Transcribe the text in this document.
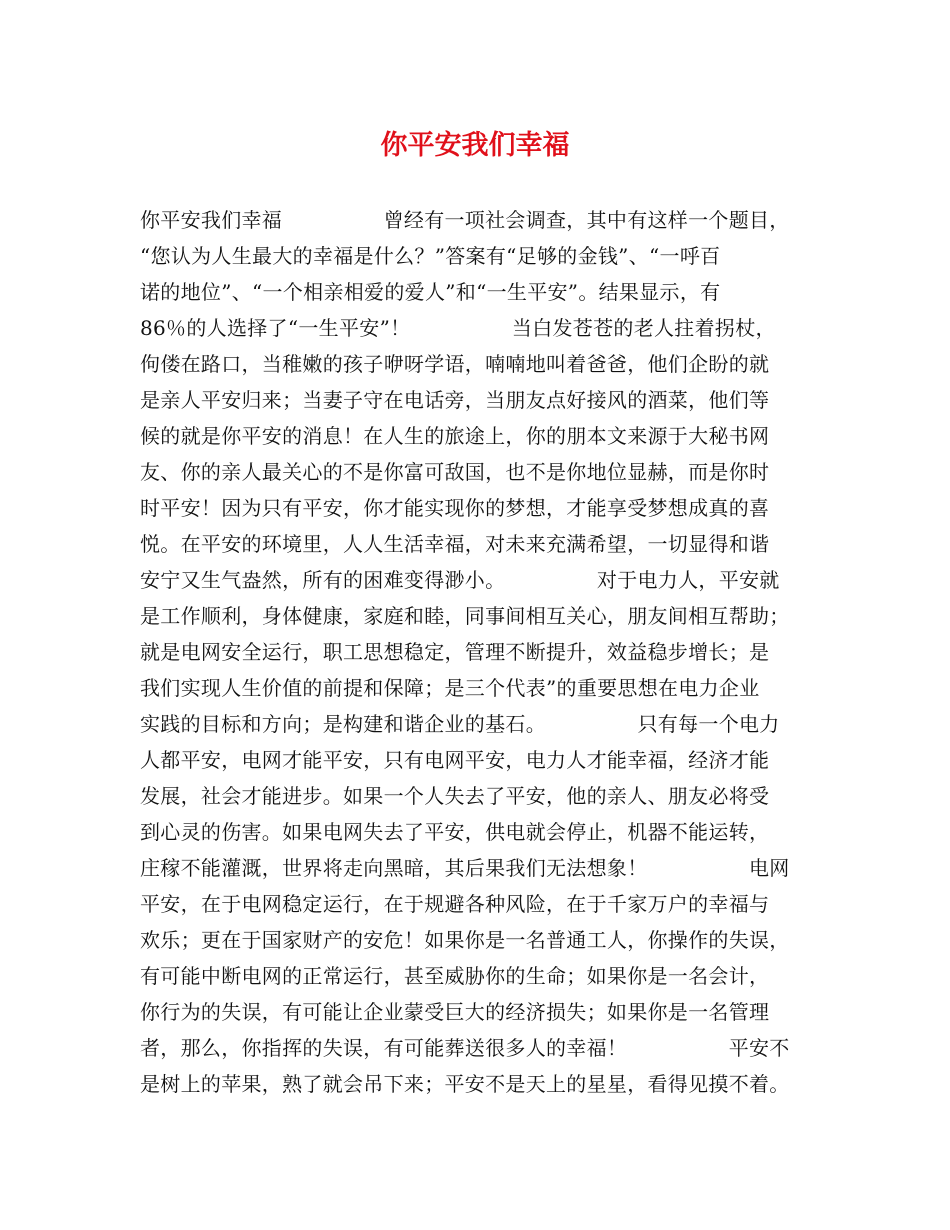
你平安我们幸福
你平安我们幸福　　　　　曾经有一项社会调查，其中有这样一个题目，
“您认为人生最大的幸福是什么？”答案有“足够的金钱”、“一呼百
诺的地位”、“一个相亲相爱的爱人”和“一生平安”。结果显示，有
86％的人选择了“一生平安”！　　　　　当白发苍苍的老人拄着拐杖，
佝偻在路口，当稚嫩的孩子咿呀学语，喃喃地叫着爸爸，他们企盼的就
是亲人平安归来；当妻子守在电话旁，当朋友点好接风的酒菜，他们等
候的就是你平安的消息！在人生的旅途上，你的朋本文来源于大秘书网
友、你的亲人最关心的不是你富可敌国，也不是你地位显赫，而是你时
时平安！因为只有平安，你才能实现你的梦想，才能享受梦想成真的喜
悦。在平安的环境里，人人生活幸福，对未来充满希望，一切显得和谐
安宁又生气盎然，所有的困难变得渺小。　　　　　对于电力人，平安就
是工作顺利，身体健康，家庭和睦，同事间相互关心，朋友间相互帮助；
就是电网安全运行，职工思想稳定，管理不断提升，效益稳步增长；是
我们实现人生价值的前提和保障；是三个代表”的重要思想在电力企业
实践的目标和方向；是构建和谐企业的基石。　　　　　只有每一个电力
人都平安，电网才能平安，只有电网平安，电力人才能幸福，经济才能
发展，社会才能进步。如果一个人失去了平安，他的亲人、朋友必将受
到心灵的伤害。如果电网失去了平安，供电就会停止，机器不能运转，
庄稼不能灌溉，世界将走向黑暗，其后果我们无法想象！　　　　　电网
平安，在于电网稳定运行，在于规避各种风险，在于千家万户的幸福与
欢乐；更在于国家财产的安危！如果你是一名普通工人，你操作的失误，
有可能中断电网的正常运行，甚至威胁你的生命；如果你是一名会计，
你行为的失误，有可能让企业蒙受巨大的经济损失；如果你是一名管理
者，那么，你指挥的失误，有可能葬送很多人的幸福！　　　　　平安不
是树上的苹果，熟了就会吊下来；平安不是天上的星星，看得见摸不着。
